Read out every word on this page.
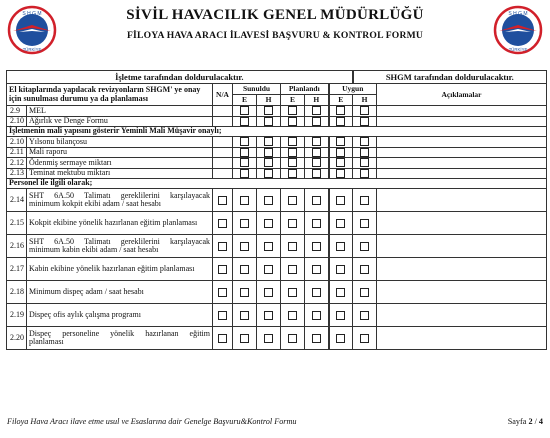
S H G M
TÜRKİYE
SİVİL HAVACILIK GENEL MÜDÜRLÜĞÜ
FİLOYA HAVA ARACI İLAVESİ BAŞVURU & KONTROL FORMU
S H G M
TÜRKİYE
İşletme tarafından doldurulacaktır.								SHGM tarafından doldurulacaktır.	
El kitaplarında yapılacak revizyonların SHGM' ye onay için sunulması durumu ya da planlaması		N/A	Sunuldu		Planlandı		Uygun		Açıklamalar
			E	H	E	H	E	H	
2.9	MEL								
2.10	Ağırlık ve Denge Formu								
İşletmenin mali yapısını gösterir Yeminli Mali Müşavir onaylı;									
2.10	Yılsonu bilançosu								
2.11	Mali raporu								
2.12	Ödenmiş sermaye miktarı								
2.13	Teminat mektubu miktarı								
Personel ile ilgili olarak;									
2.14	SHT 6A.50 Talimatı gereklilerini karşılayacak minimum kokpit ekibi adam / saat hesabı								
2.15	Kokpit ekibine yönelik hazırlanan eğitim planlaması								
2.16	SHT 6A.50 Talimatı gereklilerini karşılayacak minimum kabin ekibi adam / saat hesabı								
2.17	Kabin ekibine yönelik hazırlanan eğitim planlaması								
2.18	Minimum dispeç adam / saat hesabı								
2.19	Dispeç ofis aylık çalışma programı								
2.20	Dispeç personeline yönelik hazırlanan eğitim planlaması								
Filoya Hava Aracı ilave etme usul ve Esaslarına dair Genelge Başvuru&Kontrol Formu	Sayfa 2 / 4
